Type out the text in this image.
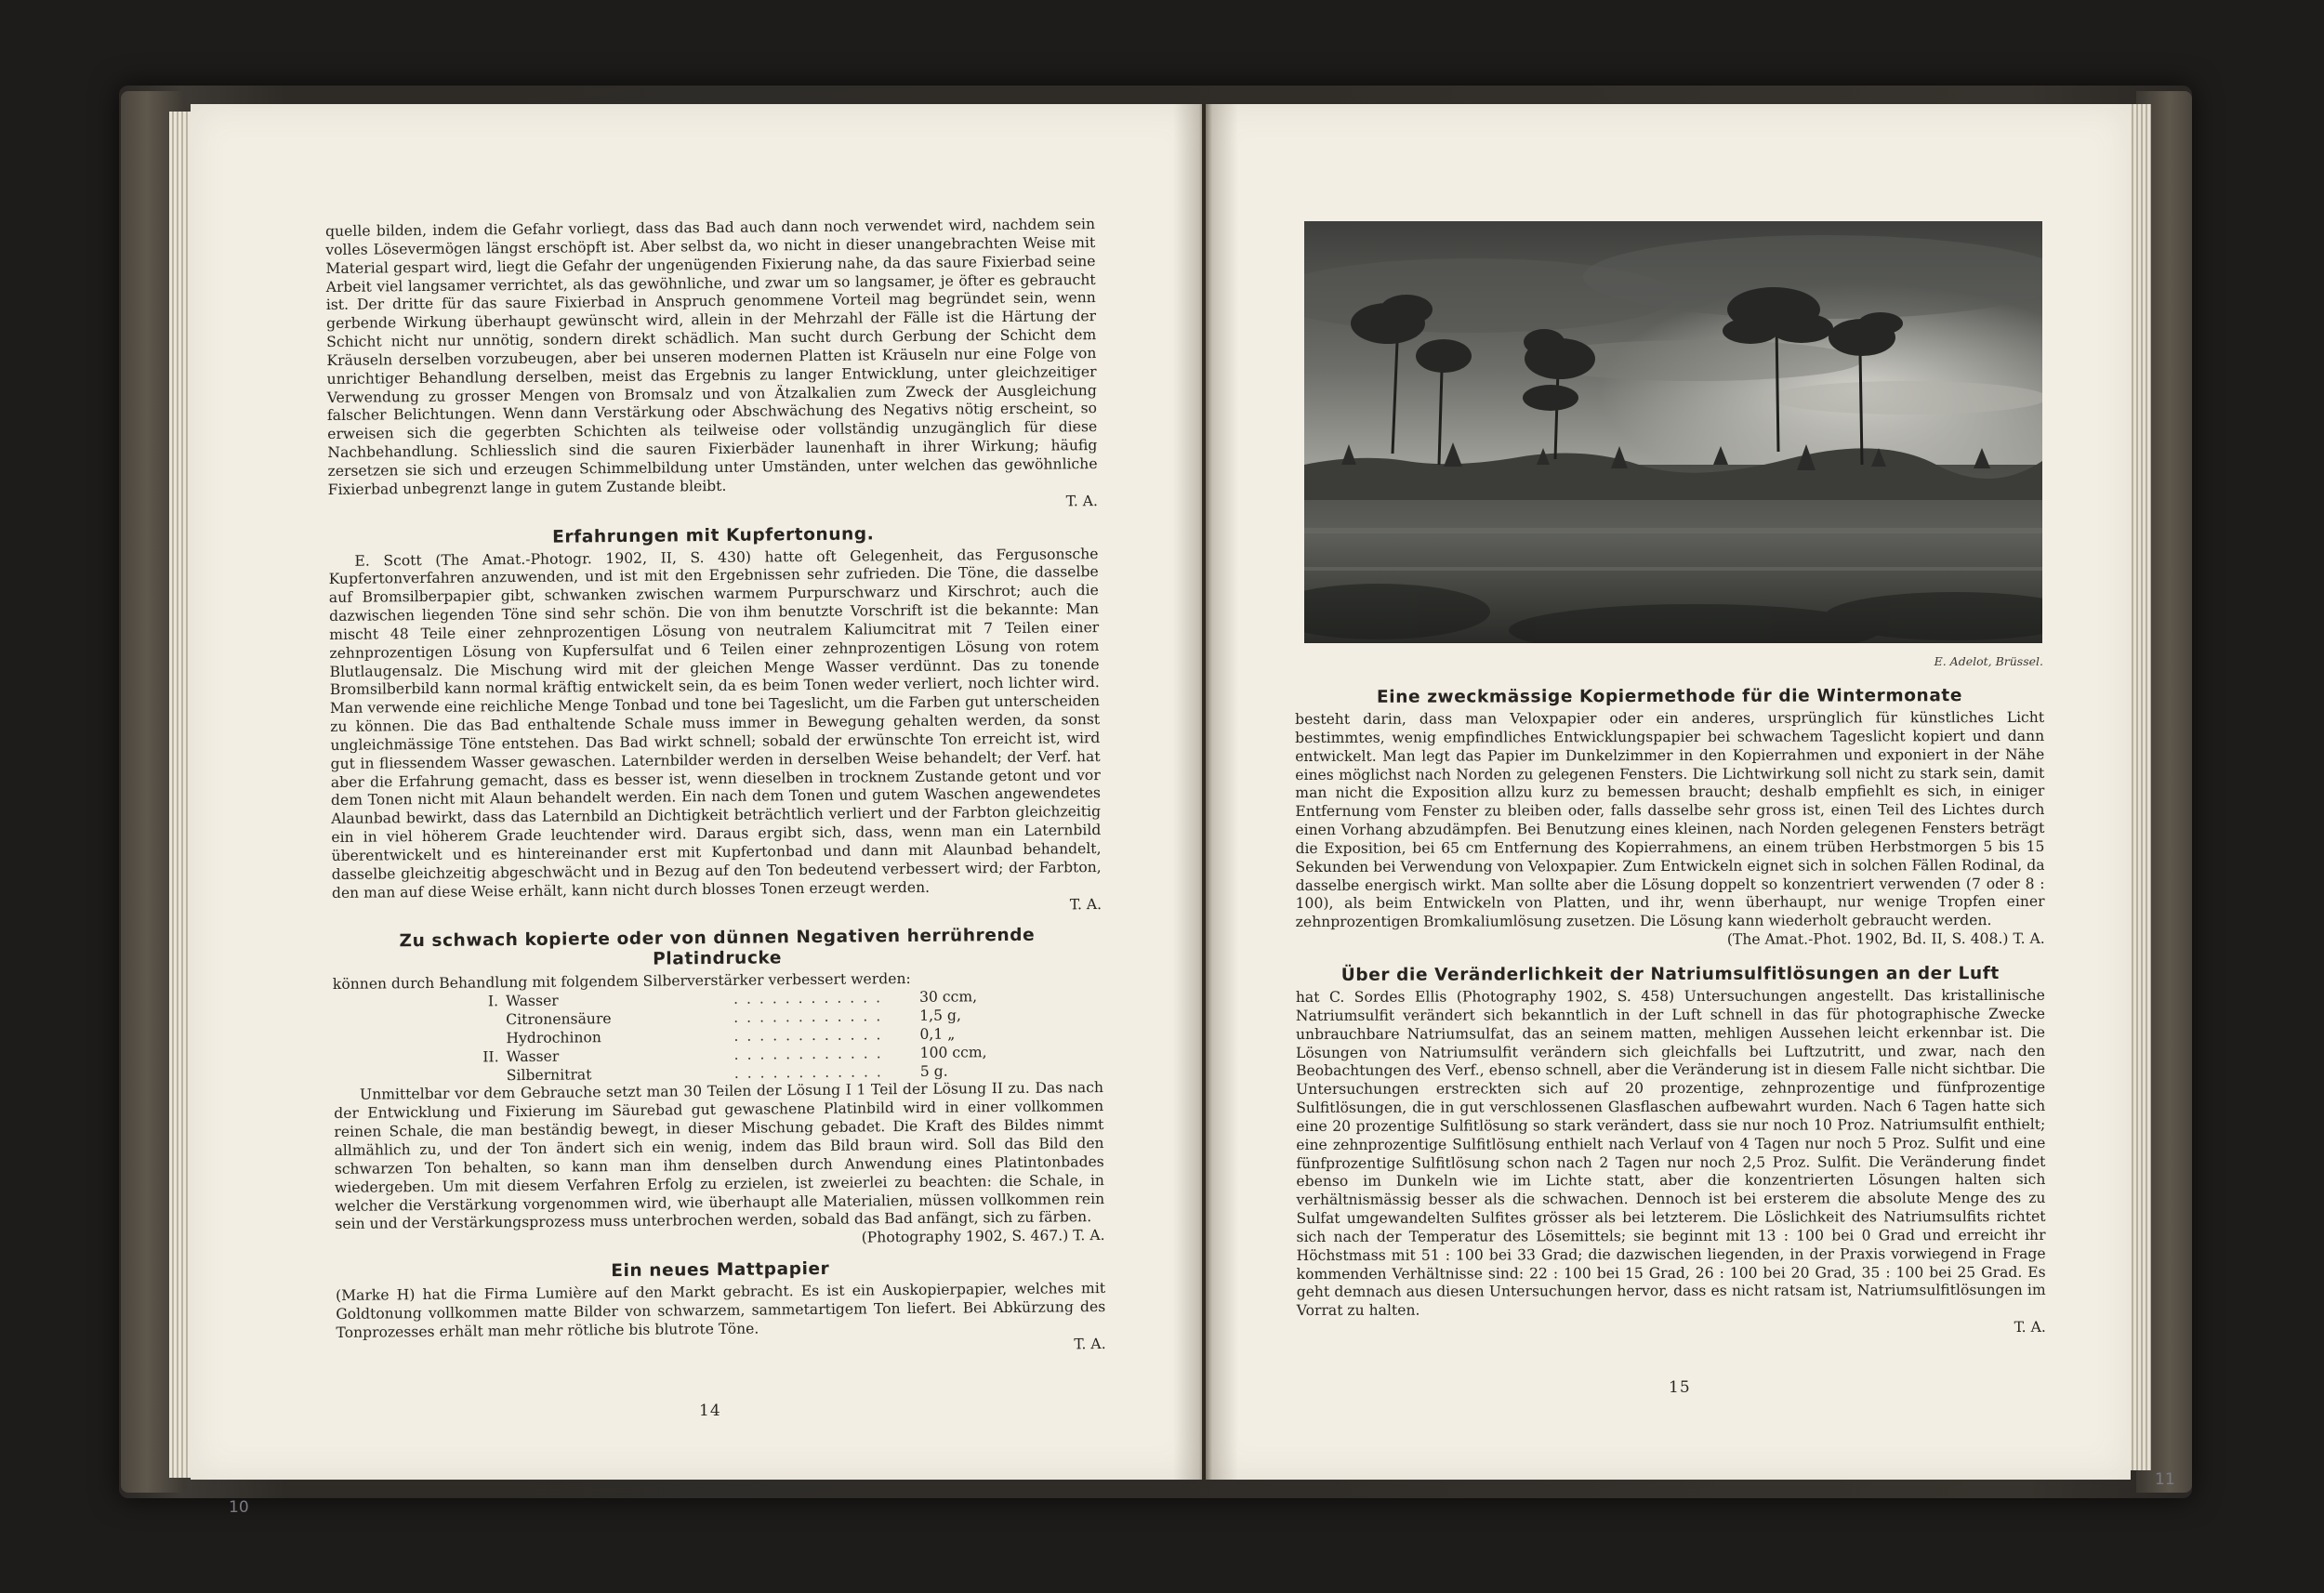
quelle bilden, indem die Gefahr vorliegt, dass das Bad auch dann noch verwendet wird, nachdem sein volles Lösevermögen längst erschöpft ist. Aber selbst da, wo nicht in dieser unangebrachten Weise mit Material gespart wird, liegt die Gefahr der ungenügenden Fixierung nahe, da das saure Fixierbad seine Arbeit viel langsamer verrichtet, als das gewöhnliche, und zwar um so langsamer, je öfter es gebraucht ist. Der dritte für das saure Fixierbad in Anspruch genommene Vorteil mag begründet sein, wenn gerbende Wirkung überhaupt gewünscht wird, allein in der Mehrzahl der Fälle ist die Härtung der Schicht nicht nur unnötig, sondern direkt schädlich. Man sucht durch Gerbung der Schicht dem Kräuseln derselben vorzubeugen, aber bei unseren modernen Platten ist Kräuseln nur eine Folge von unrichtiger Behandlung derselben, meist das Ergebnis zu langer Entwicklung, unter gleichzeitiger Verwendung zu grosser Mengen von Bromsalz und von Ätzalkalien zum Zweck der Ausgleichung falscher Belichtungen. Wenn dann Verstärkung oder Abschwächung des Negativs nötig erscheint, so erweisen sich die gegerbten Schichten als teilweise oder vollständig unzugänglich für diese Nachbehandlung. Schliesslich sind die sauren Fixierbäder launenhaft in ihrer Wirkung; häufig zersetzen sie sich und erzeugen Schimmelbildung unter Umständen, unter welchen das gewöhnliche Fixierbad unbegrenzt lange in gutem Zustande bleibt.

T. A.
Erfahrungen mit Kupfertonung.

E. Scott (The Amat.-Photogr. 1902, II, S. 430) hatte oft Gelegenheit, das Fergusonsche Kupfertonverfahren anzuwenden, und ist mit den Ergebnissen sehr zufrieden. Die Töne, die dasselbe auf Bromsilberpapier gibt, schwanken zwischen warmem Purpurschwarz und Kirschrot; auch die dazwischen liegenden Töne sind sehr schön. Die von ihm benutzte Vorschrift ist die bekannte: Man mischt 48 Teile einer zehnprozentigen Lösung von neutralem Kaliumcitrat mit 7 Teilen einer zehnprozentigen Lösung von Kupfersulfat und 6 Teilen einer zehnprozentigen Lösung von rotem Blutlaugensalz. Die Mischung wird mit der gleichen Menge Wasser verdünnt. Das zu tonende Bromsilberbild kann normal kräftig entwickelt sein, da es beim Tonen weder verliert, noch lichter wird. Man verwende eine reichliche Menge Tonbad und tone bei Tageslicht, um die Farben gut unterscheiden zu können. Die das Bad enthaltende Schale muss immer in Bewegung gehalten werden, da sonst ungleichmässige Töne entstehen. Das Bad wirkt schnell; sobald der erwünschte Ton erreicht ist, wird gut in fliessendem Wasser gewaschen. Laternbilder werden in derselben Weise behandelt; der Verf. hat aber die Erfahrung gemacht, dass es besser ist, wenn dieselben in trocknem Zustande getont und vor dem Tonen nicht mit Alaun behandelt werden. Ein nach dem Tonen und gutem Waschen angewendetes Alaunbad bewirkt, dass das Laternbild an Dichtigkeit beträchtlich verliert und der Farbton gleichzeitig ein in viel höherem Grade leuchtender wird. Daraus ergibt sich, dass, wenn man ein Laternbild überentwickelt und es hintereinander erst mit Kupfertonbad und dann mit Alaunbad behandelt, dasselbe gleichzeitig abgeschwächt und in Bezug auf den Ton bedeutend verbessert wird; der Farbton, den man auf diese Weise erhält, kann nicht durch blosses Tonen erzeugt werden.

T. A.
Zu schwach kopierte oder von dünnen Negativen herrührende Platindrucke

können durch Behandlung mit folgendem Silberverstärker verbessert werden:

I.	Wasser	. . . . . . . . . . . .	30 ccm,
	Citronensäure	. . . . . . . . . . . .	1,5 g,
	Hydrochinon	. . . . . . . . . . . .	0,1 „
II.	Wasser	. . . . . . . . . . . .	100 ccm,
	Silbernitrat	. . . . . . . . . . . .	5 g.

Unmittelbar vor dem Gebrauche setzt man 30 Teilen der Lösung I 1 Teil der Lösung II zu. Das nach der Entwicklung und Fixierung im Säurebad gut gewaschene Platinbild wird in einer vollkommen reinen Schale, die man beständig bewegt, in dieser Mischung gebadet. Die Kraft des Bildes nimmt allmählich zu, und der Ton ändert sich ein wenig, indem das Bild braun wird. Soll das Bild den schwarzen Ton behalten, so kann man ihm denselben durch Anwendung eines Platintonbades wiedergeben. Um mit diesem Verfahren Erfolg zu erzielen, ist zweierlei zu beachten: die Schale, in welcher die Verstärkung vorgenommen wird, wie überhaupt alle Materialien, müssen vollkommen rein sein und der Verstärkungsprozess muss unterbrochen werden, sobald das Bad anfängt, sich zu färben.

(Photography 1902, S. 467.) T. A.

Ein neues Mattpapier

(Marke H) hat die Firma Lumière auf den Markt gebracht. Es ist ein Auskopierpapier, welches mit Goldtonung vollkommen matte Bilder von schwarzem, sammetartigem Ton liefert. Bei Abkürzung des Tonprozesses erhält man mehr rötliche bis blutrote Töne.

T. A.
14
10
E. Adelot, Brüssel.
Eine zweckmässige Kopiermethode für die Wintermonate

besteht darin, dass man Veloxpapier oder ein anderes, ursprünglich für künstliches Licht bestimmtes, wenig empfindliches Entwicklungspapier bei schwachem Tageslicht kopiert und dann entwickelt. Man legt das Papier im Dunkelzimmer in den Kopierrahmen und exponiert in der Nähe eines möglichst nach Norden zu gelegenen Fensters. Die Lichtwirkung soll nicht zu stark sein, damit man nicht die Exposition allzu kurz zu bemessen braucht; deshalb empfiehlt es sich, in einiger Entfernung vom Fenster zu bleiben oder, falls dasselbe sehr gross ist, einen Teil des Lichtes durch einen Vorhang abzudämpfen. Bei Benutzung eines kleinen, nach Norden gelegenen Fensters beträgt die Exposition, bei 65 cm Entfernung des Kopierrahmens, an einem trüben Herbstmorgen 5 bis 15 Sekunden bei Verwendung von Veloxpapier. Zum Entwickeln eignet sich in solchen Fällen Rodinal, da dasselbe energisch wirkt. Man sollte aber die Lösung doppelt so konzentriert verwenden (7 oder 8 : 100), als beim Entwickeln von Platten, und ihr, wenn überhaupt, nur wenige Tropfen einer zehnprozentigen Bromkaliumlösung zusetzen. Die Lösung kann wiederholt gebraucht werden.

(The Amat.-Phot. 1902, Bd. II, S. 408.) T. A.

Über die Veränderlichkeit der Natriumsulfitlösungen an der Luft

hat C. Sordes Ellis (Photography 1902, S. 458) Untersuchungen angestellt. Das kristallinische Natriumsulfit verändert sich bekanntlich in der Luft schnell in das für photographische Zwecke unbrauchbare Natriumsulfat, das an seinem matten, mehligen Aussehen leicht erkennbar ist. Die Lösungen von Natriumsulfit verändern sich gleichfalls bei Luftzutritt, und zwar, nach den Beobachtungen des Verf., ebenso schnell, aber die Veränderung ist in diesem Falle nicht sichtbar. Die Untersuchungen erstreckten sich auf 20 prozentige, zehnprozentige und fünfprozentige Sulfitlösungen, die in gut verschlossenen Glasflaschen aufbewahrt wurden. Nach 6 Tagen hatte sich eine 20 prozentige Sulfitlösung so stark verändert, dass sie nur noch 10 Proz. Natriumsulfit enthielt; eine zehnprozentige Sulfitlösung enthielt nach Verlauf von 4 Tagen nur noch 5 Proz. Sulfit und eine fünfprozentige Sulfitlösung schon nach 2 Tagen nur noch 2,5 Proz. Sulfit. Die Veränderung findet ebenso im Dunkeln wie im Lichte statt, aber die konzentrierten Lösungen halten sich verhältnismässig besser als die schwachen. Dennoch ist bei ersterem die absolute Menge des zu Sulfat umgewandelten Sulfites grösser als bei letzterem. Die Löslichkeit des Natriumsulfits richtet sich nach der Temperatur des Lösemittels; sie beginnt mit 13 : 100 bei 0 Grad und erreicht ihr Höchstmass mit 51 : 100 bei 33 Grad; die dazwischen liegenden, in der Praxis vorwiegend in Frage kommenden Verhältnisse sind: 22 : 100 bei 15 Grad, 26 : 100 bei 20 Grad, 35 : 100 bei 25 Grad. Es geht demnach aus diesen Untersuchungen hervor, dass es nicht ratsam ist, Natriumsulfitlösungen im Vorrat zu halten.

T. A.
15
11
